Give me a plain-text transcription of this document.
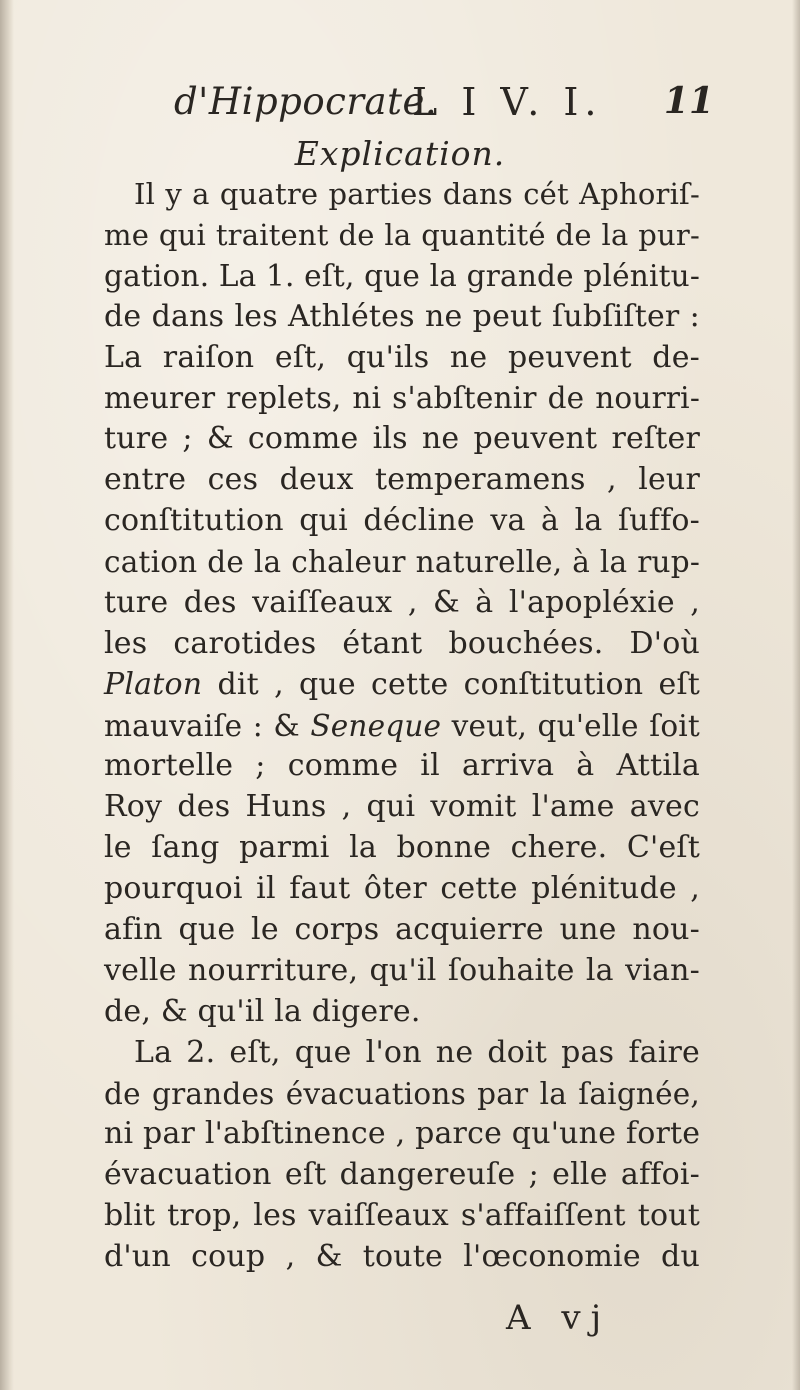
d'Hippocrate.
L I V. I. 11
Explication.
Il y a quatre parties dans cét Aphoriſ-
me qui traitent de la quantité de la pur-
gation. La 1. eſt, que la grande plénitu-
de dans les Athlétes ne peut ſubſiſter :
La raiſon eſt, qu'ils ne peuvent de-
meurer replets, ni s'abſtenir de nourri-
ture ; & comme ils ne peuvent reſter
entre ces deux temperamens , leur
conſtitution qui décline va à la ſuffo-
cation de la chaleur naturelle, à la rup-
ture des vaiſſeaux , & à l'apopléxie ,
les carotides étant bouchées. D'où
Platon dit , que cette conſtitution eſt
mauvaiſe : & Seneque veut, qu'elle ſoit
mortelle ; comme il arriva à Attila
Roy des Huns , qui vomit l'ame avec
le ſang parmi la bonne chere. C'eſt
pourquoi il faut ôter cette plénitude ,
afin que le corps acquierre une nou-
velle nourriture, qu'il ſouhaite la vian-
de, & qu'il la digere.
La 2. eſt, que l'on ne doit pas faire
de grandes évacuations par la ſaignée,
ni par l'abſtinence , parce qu'une forte
évacuation eſt dangereuſe ; elle affoi-
blit trop, les vaiſſeaux s'affaiſſent tout
d'un coup , & toute l'œconomie du
A vj
